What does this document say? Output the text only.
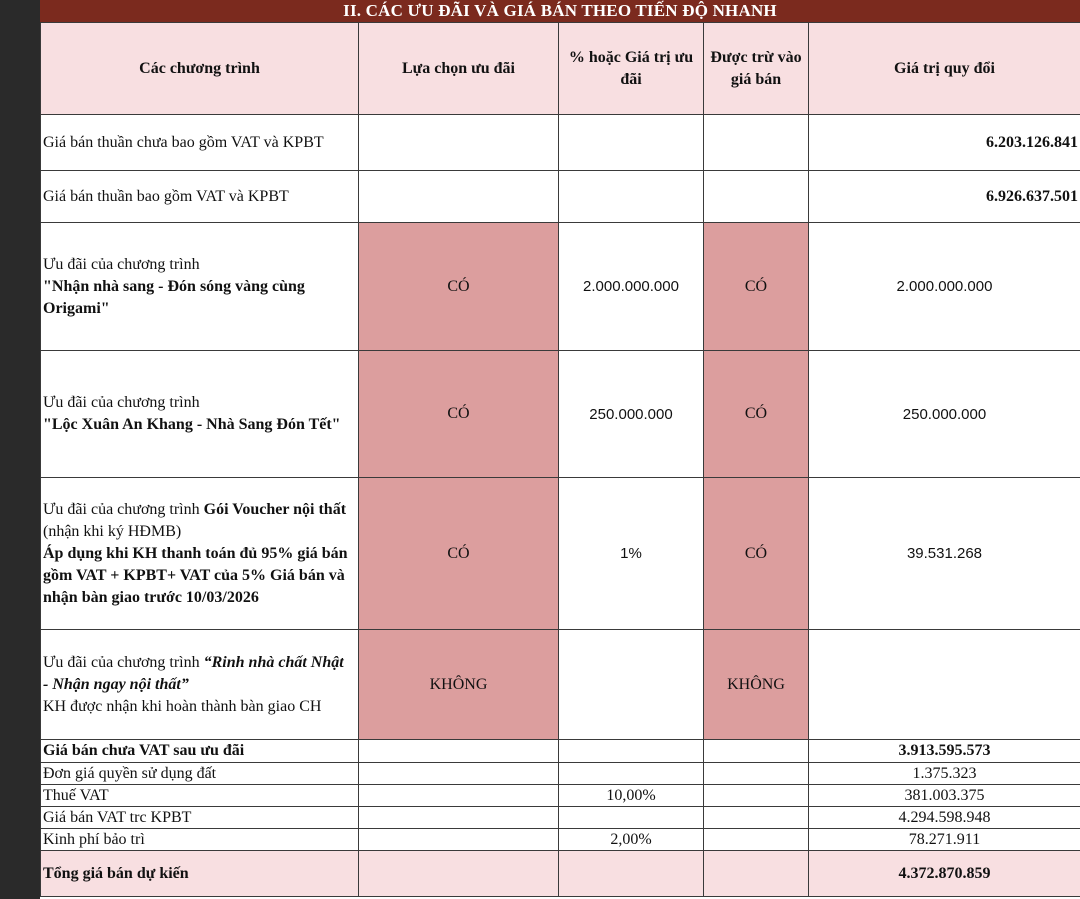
II. CÁC ƯU ĐÃI VÀ GIÁ BÁN THEO TIẾN ĐỘ NHANH
Các chương trình	Lựa chọn ưu đãi	% hoặc Giá trị ưu đãi	Được trừ vào giá bán	Giá trị quy đổi
Giá bán thuần chưa bao gồm VAT và KPBT				6.203.126.841
Giá bán thuần bao gồm VAT và KPBT				6.926.637.501
Ưu đãi của chương trình
"Nhận nhà sang - Đón sóng vàng cùng Origami"	CÓ	2.000.000.000	CÓ	2.000.000.000
Ưu đãi của chương trình
"Lộc Xuân An Khang - Nhà Sang Đón Tết"	CÓ	250.000.000	CÓ	250.000.000
Ưu đãi của chương trình Gói Voucher nội thất (nhận khi ký HĐMB)
Áp dụng khi KH thanh toán đủ 95% giá bán gồm VAT + KPBT+ VAT của 5% Giá bán và nhận bàn giao trước 10/03/2026	CÓ	1%	CÓ	39.531.268
Ưu đãi của chương trình “Rinh nhà chất Nhật
- Nhận ngay nội thất”
KH được nhận khi hoàn thành bàn giao CH	KHÔNG		KHÔNG	
Giá bán chưa VAT sau ưu đãi				3.913.595.573
Đơn giá quyền sử dụng đất				1.375.323
Thuế VAT		10,00%		381.003.375
Giá bán VAT trc KPBT				4.294.598.948
Kinh phí bảo trì		2,00%		78.271.911
Tổng giá bán dự kiến				4.372.870.859
